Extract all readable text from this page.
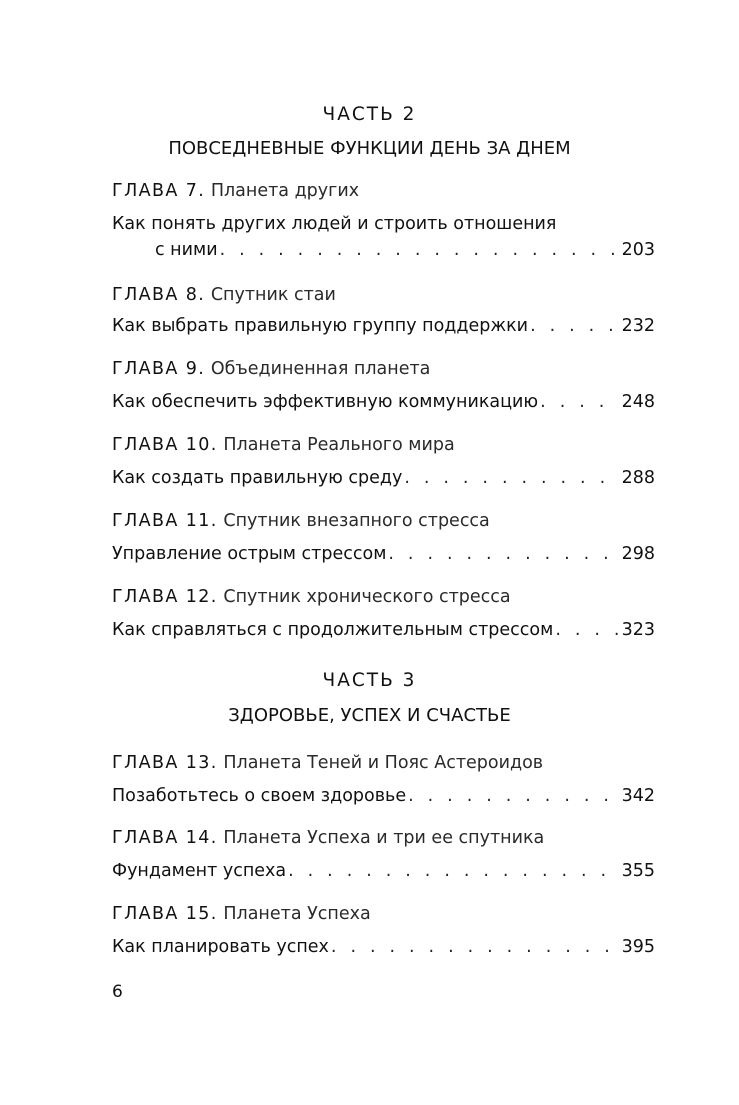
ЧАСТЬ 2
ПОВСЕДНЕВНЫЕ ФУНКЦИИ ДЕНЬ ЗА ДНЕМ
ГЛАВА 7. Планета других
Как понять других людей и строить отношения
с ними . . .	203
ГЛАВА 8. Спутник стаи
Как выбрать правильную группу поддержки . . .	232
ГЛАВА 9. Объединенная планета
Как обеспечить эффективную коммуникацию . . .	248
ГЛАВА 10. Планета Реального мира
Как создать правильную среду . . .	288
ГЛАВА 11. Спутник внезапного стресса
Управление острым стрессом . . .	298
ГЛАВА 12. Спутник хронического стресса
Как справляться с продолжительным стрессом . . .	323
ЧАСТЬ 3
ЗДОРОВЬЕ, УСПЕХ И СЧАСТЬЕ
ГЛАВА 13. Планета Теней и Пояс Астероидов
Позаботьтесь о своем здоровье . . .	342
ГЛАВА 14. Планета Успеха и три ее спутника
Фундамент успеха . . .	355
ГЛАВА 15. Планета Успеха
Как планировать успех . . .	395
6
